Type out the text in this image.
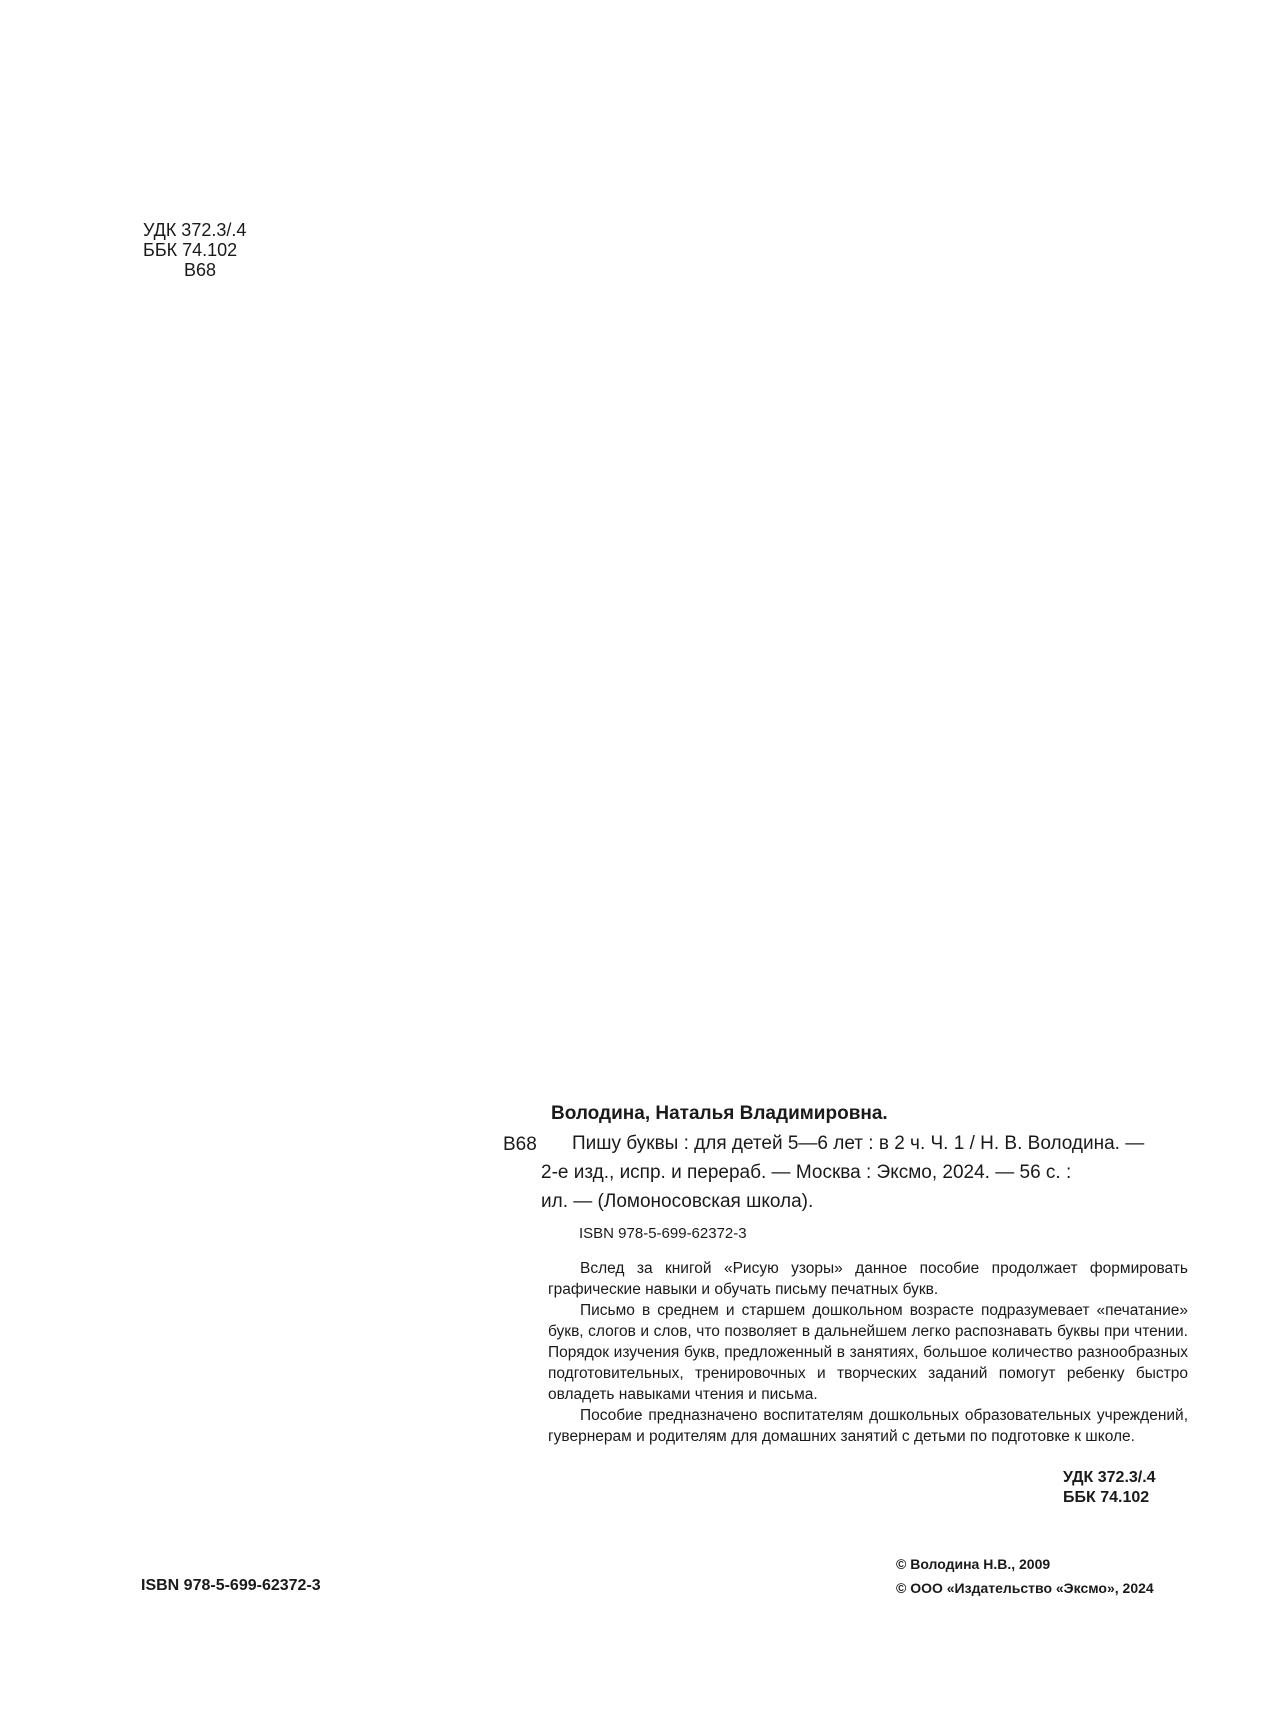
УДК 372.3/.4
ББК 74.102
В68
Володина, Наталья Владимировна.
В68	Пишу буквы : для детей 5—6 лет : в 2 ч. Ч. 1 / Н. В. Володина. —

2-е изд., испр. и перераб. — Москва : Эксмо, 2024. — 56 с. :

ил. — (Ломоносовская школа).

ISBN 978-5-699-62372-3

Вслед за книгой «Рисую узоры» данное пособие продолжает формировать графические навыки и обучать письму печатных букв.

Письмо в среднем и старшем дошкольном возрасте подразумевает «печатание» букв, слогов и слов, что позволяет в дальнейшем легко распознавать буквы при чтении. Порядок изучения букв, предложенный в занятиях, большое количество разнообразных подготовительных, тренировочных и творческих заданий помогут ребенку быстро овладеть навыками чтения и письма.

Пособие предназначено воспитателям дошкольных образовательных учреждений, гувернерам и родителям для домашних занятий с детьми по подготовке к школе.

УДК 372.3/.4
ББК 74.102
ISBN 978-5-699-62372-3
© Володина Н.В., 2009
© ООО «Издательство «Эксмо», 2024
